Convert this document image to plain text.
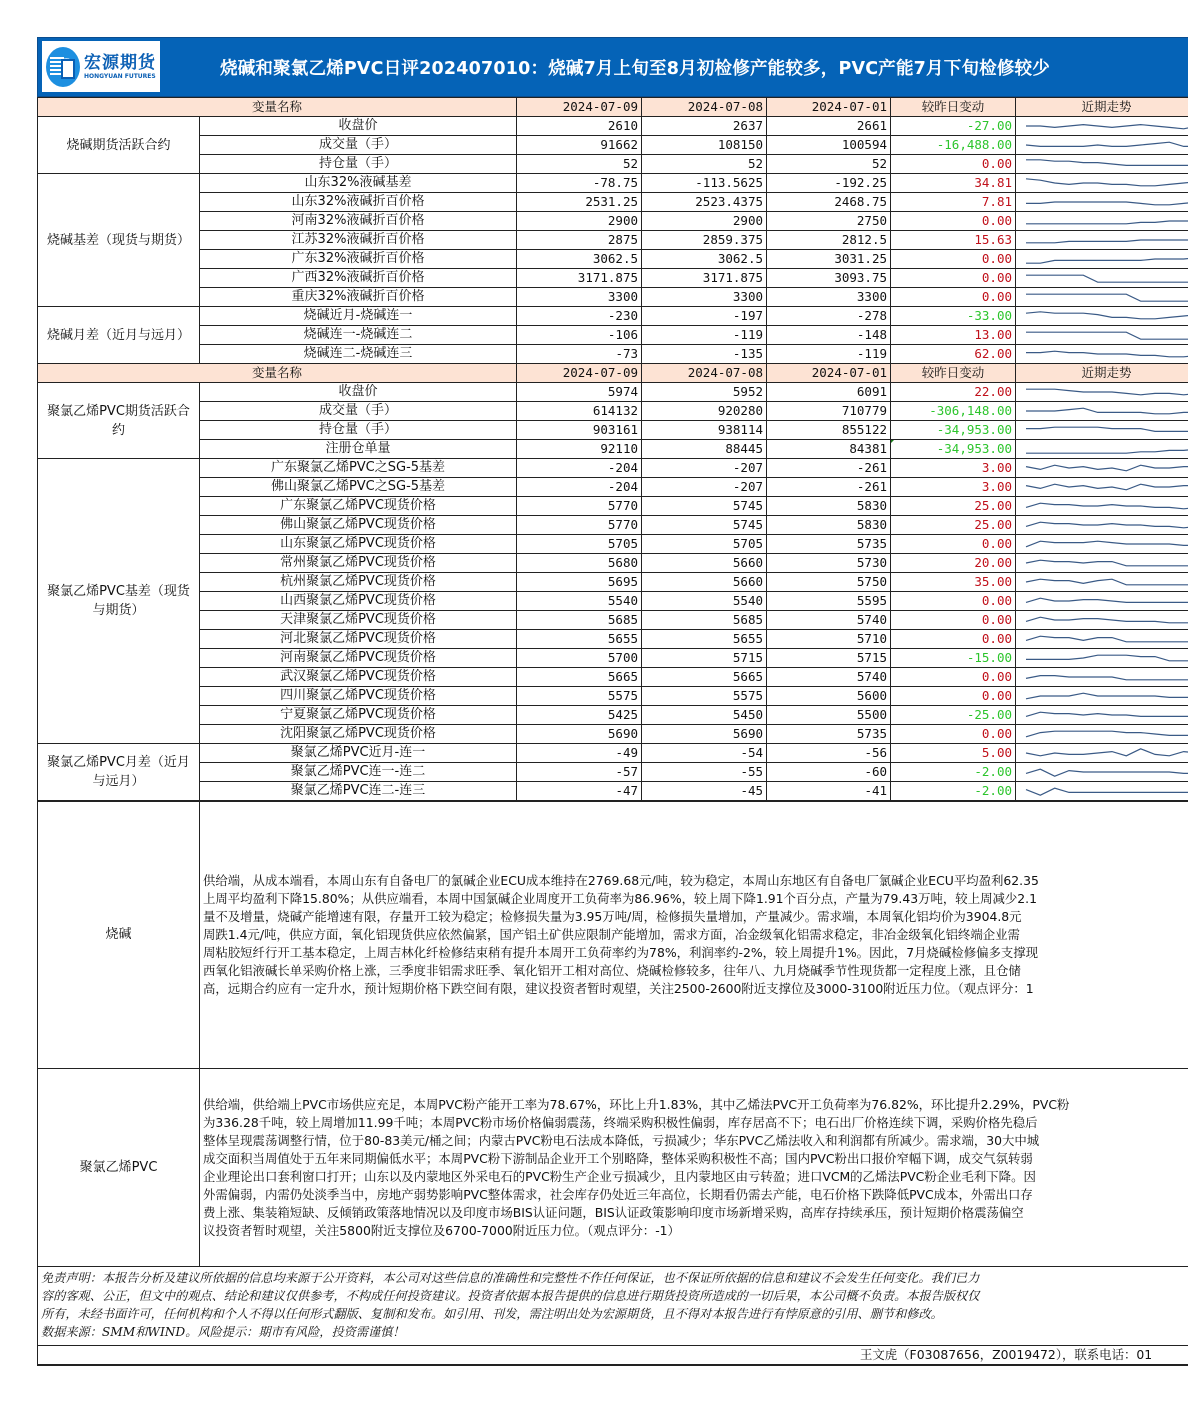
宏源期货
HONGYUAN FUTURES	烧碱和聚氯乙烯PVC日评202407010：烧碱7月上旬至8月初检修产能较多，PVC产能7月下旬检修较少
变量名称		2024-07-09	2024-07-08	2024-07-01	较昨日变动	近期走势
烧碱期货活跃合约	收盘价	2610	2637	2661	-27.00	

	成交量（手）	91662	108150	100594	-16,488.00	

	持仓量（手）	52	52	52	0.00	

烧碱基差（现货与期货）	山东32%液碱基差	-78.75	-113.5625	-192.25	34.81	

	山东32%液碱折百价格	2531.25	2523.4375	2468.75	7.81	

	河南32%液碱折百价格	2900	2900	2750	0.00	

	江苏32%液碱折百价格	2875	2859.375	2812.5	15.63	

	广东32%液碱折百价格	3062.5	3062.5	3031.25	0.00	

	广西32%液碱折百价格	3171.875	3171.875	3093.75	0.00	

	重庆32%液碱折百价格	3300	3300	3300	0.00	

烧碱月差（近月与远月）	烧碱近月-烧碱连一	-230	-197	-278	-33.00	

	烧碱连一-烧碱连二	-106	-119	-148	13.00	

	烧碱连二-烧碱连三	-73	-135	-119	62.00	

变量名称		2024-07-09	2024-07-08	2024-07-01	较昨日变动	近期走势
聚氯乙烯PVC期货活跃合约	收盘价	5974	5952	6091	22.00	

	成交量（手）	614132	920280	710779	-306,148.00	

	持仓量（手）	903161	938114	855122	-34,953.00	

	注册仓单量	92110	88445	84381	-34,953.00	

聚氯乙烯PVC基差（现货与期货）	广东聚氯乙烯PVC之SG-5基差	-204	-207	-261	3.00	

	佛山聚氯乙烯PVC之SG-5基差	-204	-207	-261	3.00	

	广东聚氯乙烯PVC现货价格	5770	5745	5830	25.00	

	佛山聚氯乙烯PVC现货价格	5770	5745	5830	25.00	

	山东聚氯乙烯PVC现货价格	5705	5705	5735	0.00	

	常州聚氯乙烯PVC现货价格	5680	5660	5730	20.00	

	杭州聚氯乙烯PVC现货价格	5695	5660	5750	35.00	

	山西聚氯乙烯PVC现货价格	5540	5540	5595	0.00	

	天津聚氯乙烯PVC现货价格	5685	5685	5740	0.00	

	河北聚氯乙烯PVC现货价格	5655	5655	5710	0.00	

	河南聚氯乙烯PVC现货价格	5700	5715	5715	-15.00	

	武汉聚氯乙烯PVC现货价格	5665	5665	5740	0.00	

	四川聚氯乙烯PVC现货价格	5575	5575	5600	0.00	

	宁夏聚氯乙烯PVC现货价格	5425	5450	5500	-25.00	

	沈阳聚氯乙烯PVC现货价格	5690	5690	5735	0.00	

聚氯乙烯PVC月差（近月与远月）	聚氯乙烯PVC近月-连一	-49	-54	-56	5.00	

	聚氯乙烯PVC连一-连二	-57	-55	-60	-2.00	

	聚氯乙烯PVC连二-连三	-47	-45	-41	-2.00	
烧碱	

供给端，从成本端看，本周山东有自备电厂的氯碱企业ECU成本维持在2769.68元/吨，较为稳定，本周山东地区有自备电厂氯碱企业ECU平均盈利62.35

上周平均盈利下降15.80%；从供应端看，本周中国氯碱企业周度开工负荷率为86.96%，较上周下降1.91个百分点，产量为79.43万吨，较上周减少2.1

量不及增量，烧碱产能增速有限，存量开工较为稳定；检修损失量为3.95万吨/周，检修损失量增加，产量减少。需求端，本周氧化铝均价为3904.8元

周跌1.4元/吨，供应方面，氧化铝现货供应依然偏紧，国产铝土矿供应限制产能增加，需求方面，冶金级氧化铝需求稳定，非冶金级氧化铝终端企业需

周粘胶短纤行开工基本稳定，上周吉林化纤检修结束稍有提升本周开工负荷率约为78%，利润率约-2%，较上周提升1%。因此，7月烧碱检修偏多支撑现

西氧化铝液碱长单采购价格上涨，三季度非铝需求旺季、氧化铝开工相对高位、烧碱检修较多，往年八、九月烧碱季节性现货都一定程度上涨，且仓储

高，远期合约应有一定升水，预计短期价格下跌空间有限，建议投资者暂时观望，关注2500-2600附近支撑位及3000-3100附近压力位。（观点评分：1

聚氯乙烯PVC	

供给端，供给端上PVC市场供应充足，本周PVC粉产能开工率为78.67%，环比上升1.83%，其中乙烯法PVC开工负荷率为76.82%，环比提升2.29%，PVC粉

为336.28千吨，较上周增加11.99千吨；本周PVC粉市场价格偏弱震荡，终端采购积极性偏弱，库存居高不下；电石出厂价格连续下调，采购价格先稳后

整体呈现震荡调整行情，位于80-83美元/桶之间；内蒙古PVC粉电石法成本降低，亏损减少；华东PVC乙烯法收入和利润都有所减少。需求端，30大中城

成交面积当周值处于五年来同期偏低水平；本周PVC粉下游制品企业开工个别略降，整体采购积极性不高；国内PVC粉出口报价窄幅下调，成交气氛转弱

企业理论出口套利窗口打开；山东以及内蒙地区外采电石的PVC粉生产企业亏损减少，且内蒙地区由亏转盈；进口VCM的乙烯法PVC粉企业毛利下降。因

外需偏弱，内需仍处淡季当中，房地产弱势影响PVC整体需求，社会库存仍处近三年高位，长期看仍需去产能，电石价格下跌降低PVC成本，外需出口存

费上涨、集装箱短缺、反倾销政策落地情况以及印度市场BIS认证问题，BIS认证政策影响印度市场新增采购，高库存持续承压，预计短期价格震荡偏空

议投资者暂时观望，关注5800附近支撑位及6700-7000附近压力位。（观点评分：-1）

免责声明：本报告分析及建议所依据的信息均来源于公开资料，本公司对这些信息的准确性和完整性不作任何保证，也不保证所依据的信息和建议不会发生任何变化。我们已力

容的客观、公正，但文中的观点、结论和建议仅供参考，不构成任何投资建议。投资者依据本报告提供的信息进行期货投资所造成的一切后果，本公司概不负责。本报告版权仅

所有，未经书面许可，任何机构和个人不得以任何形式翻版、复制和发布。如引用、刊发，需注明出处为宏源期货，且不得对本报告进行有悖原意的引用、删节和修改。

数据来源：SMM和WIND。风险提示：期市有风险，投资需谨慎！

王文虎（F03087656，Z0019472），联系电话：01
